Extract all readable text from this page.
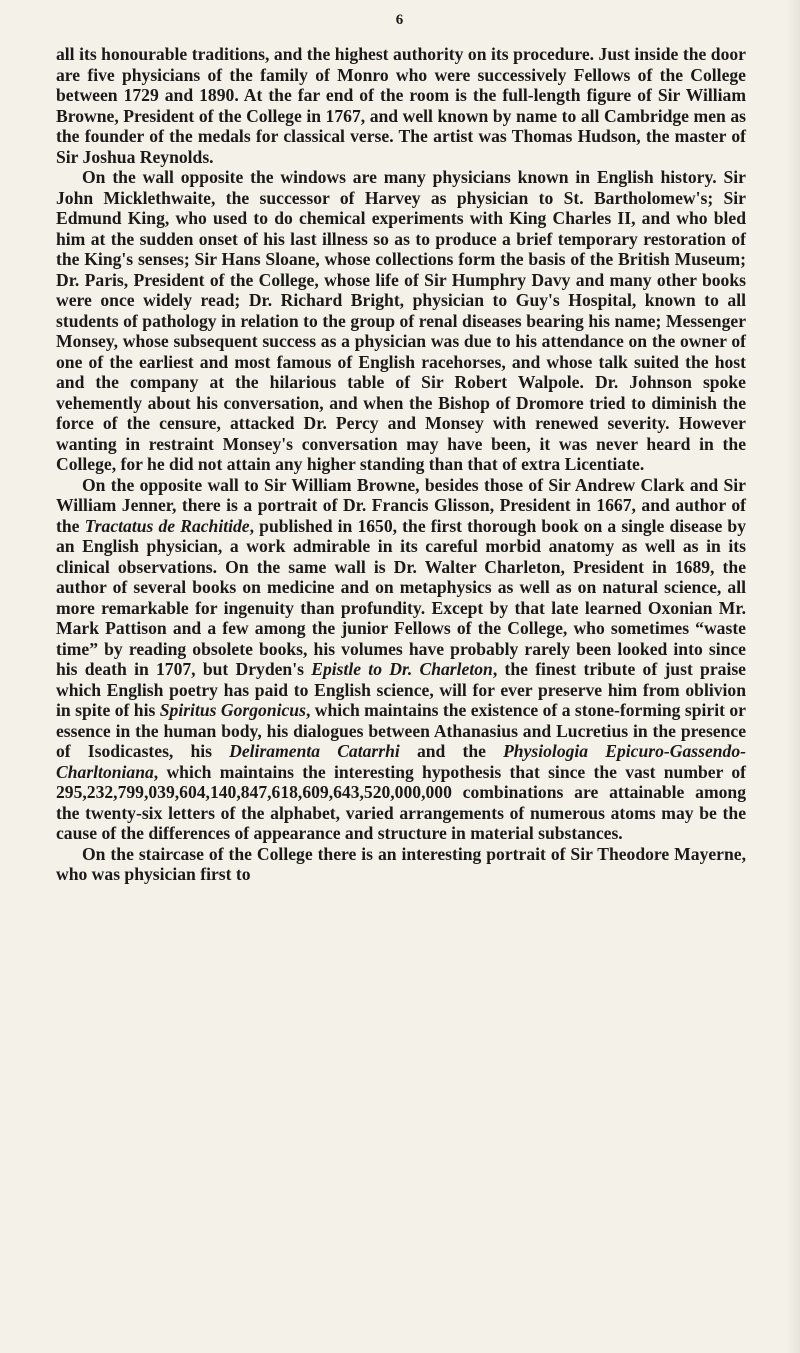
6

all its honourable traditions, and the highest authority on its procedure. Just inside the door are five physicians of the family of Monro who were successively Fellows of the College between 1729 and 1890. At the far end of the room is the full-length figure of Sir William Browne, President of the College in 1767, and well known by name to all Cambridge men as the founder of the medals for classical verse. The artist was Thomas Hudson, the master of Sir Joshua Reynolds.

On the wall opposite the windows are many physicians known in English history. Sir John Micklethwaite, the successor of Harvey as physician to St. Bartholomew's; Sir Edmund King, who used to do chemical experiments with King Charles II, and who bled him at the sudden onset of his last illness so as to produce a brief temporary restoration of the King's senses; Sir Hans Sloane, whose collections form the basis of the British Museum; Dr. Paris, President of the College, whose life of Sir Humphry Davy and many other books were once widely read; Dr. Richard Bright, physician to Guy's Hospital, known to all students of pathology in relation to the group of renal diseases bearing his name; Messenger Monsey, whose subsequent success as a physician was due to his attendance on the owner of one of the earliest and most famous of English racehorses, and whose talk suited the host and the company at the hilarious table of Sir Robert Walpole. Dr. Johnson spoke vehemently about his conversation, and when the Bishop of Dromore tried to diminish the force of the censure, attacked Dr. Percy and Monsey with renewed severity. However wanting in restraint Monsey's conversation may have been, it was never heard in the College, for he did not attain any higher standing than that of extra Licentiate.

On the opposite wall to Sir William Browne, besides those of Sir Andrew Clark and Sir William Jenner, there is a portrait of Dr. Francis Glisson, President in 1667, and author of the Tractatus de Rachitide, published in 1650, the first thorough book on a single disease by an English physician, a work admirable in its careful morbid anatomy as well as in its clinical observations. On the same wall is Dr. Walter Charleton, President in 1689, the author of several books on medicine and on metaphysics as well as on natural science, all more remarkable for ingenuity than profundity. Except by that late learned Oxonian Mr. Mark Pattison and a few among the junior Fellows of the College, who sometimes “waste time” by reading obsolete books, his volumes have probably rarely been looked into since his death in 1707, but Dryden's Epistle to Dr. Charleton, the finest tribute of just praise which English poetry has paid to English science, will for ever preserve him from oblivion in spite of his Spiritus Gorgonicus, which maintains the existence of a stone-forming spirit or essence in the human body, his dialogues between Athanasius and Lucretius in the presence of Isodicastes, his Deliramenta Catarrhi and the Physiologia Epicuro-Gassendo-Charltoniana, which maintains the interesting hypothesis that since the vast number of 295,232,799,039,604,140,847,618,609,643,520,000,000 combinations are attainable among the twenty-six letters of the alphabet, varied arrangements of numerous atoms may be the cause of the differences of appearance and structure in material substances.

On the staircase of the College there is an interesting portrait of Sir Theodore Mayerne, who was physician first to
